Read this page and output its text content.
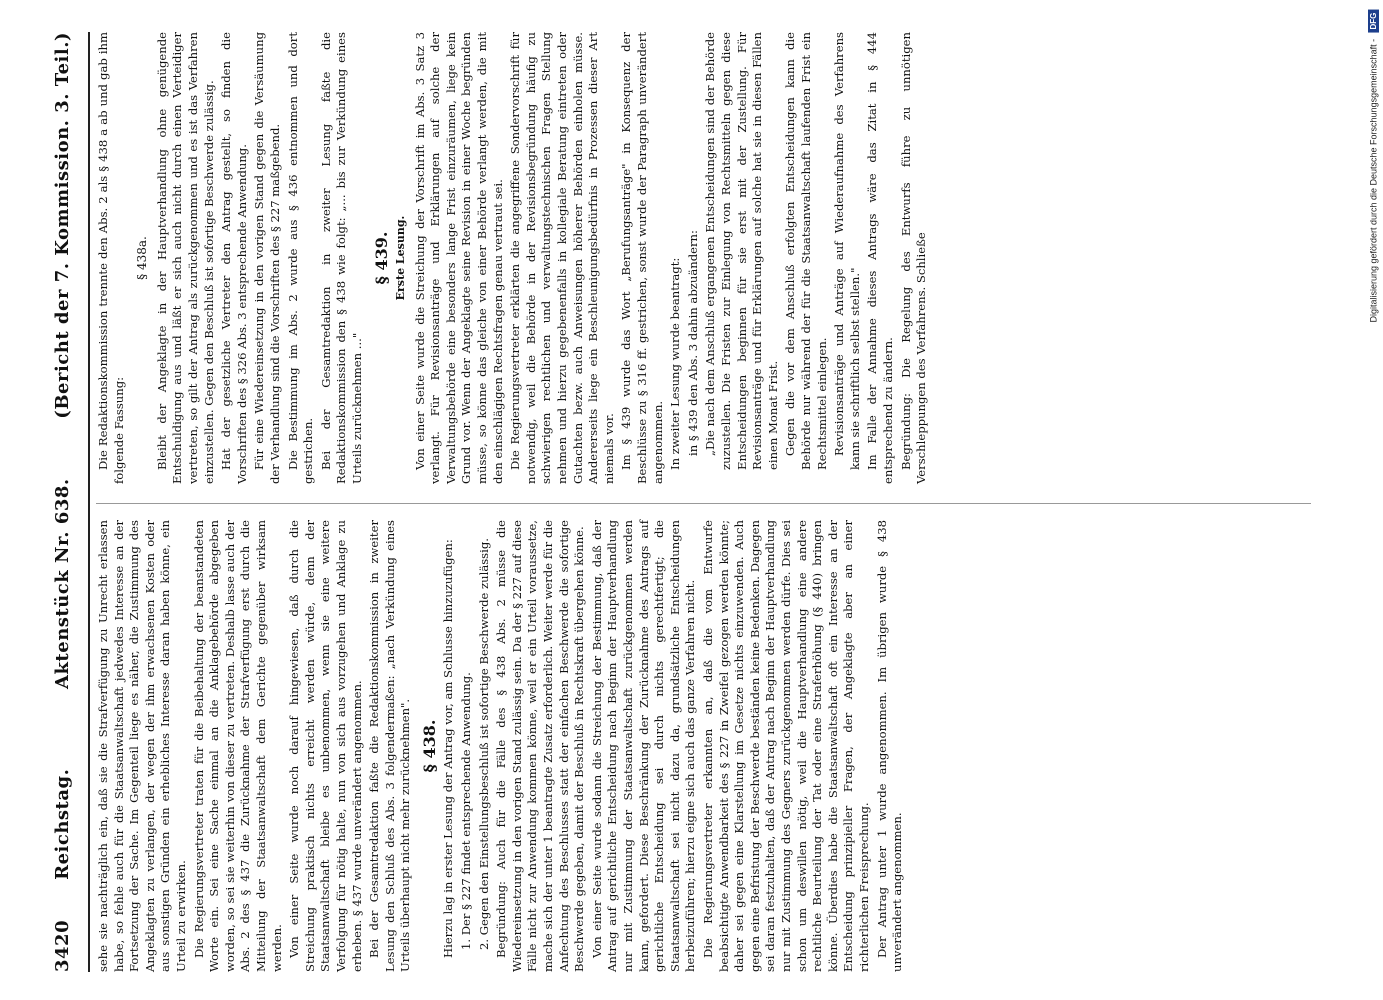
3420
Reichstag.
Aktenstück Nr. 638.
(Bericht der 7. Kommission. 3. Teil.)

sehe sie nachträglich ein, daß sie die Strafverfügung zu Unrecht erlassen habe, so fehle auch für die Staatsanwaltschaft jedwedes Interesse an der Fortsetzung der Sache. Im Gegenteil liege es näher, die Zustimmung des Angeklagten zu verlangen, der wegen der ihm erwachsenen Kosten oder aus sonstigen Gründen ein erhebliches Interesse daran haben könne, ein Urteil zu erwirken. Die Regierungsvertreter traten für die Beibehaltung der beanstandeten Worte ein. Sei eine Sache einmal an die Anklagebehörde abgegeben worden, so sei sie weiterhin von dieser zu vertreten. Deshalb lasse auch der Abs. 2 des § 437 die Zurücknahme der Strafverfügung erst durch die Mitteilung der Staatsanwaltschaft dem Gerichte gegenüber wirksam werden. Von einer Seite wurde noch darauf hingewiesen, daß durch die Streichung praktisch nichts erreicht werden würde, denn der Staatsanwaltschaft bleibe es unbenommen, wenn sie eine weitere Verfolgung für nötig halte, nun von sich aus vorzugehen und Anklage zu erheben. § 437 wurde unverändert angenommen. Bei der Gesamtredaktion faßte die Redaktionskommission in zweiter Lesung den Schluß des Abs. 3 folgendermaßen: „nach Verkündung eines Urteils überhaupt nicht mehr zurücknehmen". § 438. Hierzu lag in erster Lesung der Antrag vor, am Schlusse hinzuzufügen: 1. Der § 227 findet entsprechende Anwendung. 2. Gegen den Einstellungsbeschluß ist sofortige Beschwerde zulässig. Begründung: Auch für die Fälle des § 438 Abs. 2 müsse die Wiedereinsetzung in den vorigen Stand zulässig sein. Da der § 227 auf diese Fälle nicht zur Anwendung kommen könne, weil er ein Urteil voraussetze, mache sich der unter 1 beantragte Zusatz erforderlich. Weiter werde für die Anfechtung des Beschlusses statt der einfachen Beschwerde die sofortige Beschwerde gegeben, damit der Beschluß in Rechtskraft übergehen könne. Von einer Seite wurde sodann die Streichung der Bestimmung, daß der Antrag auf gerichtliche Entscheidung nach Beginn der Hauptverhandlung nur mit Zustimmung der Staatsanwaltschaft zurückgenommen werden kann, gefordert. Diese Beschränkung der Zurücknahme des Antrags auf gerichtliche Entscheidung sei durch nichts gerechtfertigt; die Staatsanwaltschaft sei nicht dazu da, grundsätzliche Entscheidungen herbeizuführen; hierzu eigne sich auch das ganze Verfahren nicht. Die Regierungsvertreter erkannten an, daß die vom Entwurfe beabsichtigte Anwendbarkeit des § 227 in Zweifel gezogen werden könnte; daher sei gegen eine Klarstellung im Gesetze nichts einzuwenden. Auch gegen eine Befristung der Beschwerde beständen keine Bedenken. Dagegen sei daran festzuhalten, daß der Antrag nach Beginn der Hauptverhandlung nur mit Zustimmung des Gegners zurückgenommen werden dürfe. Dies sei schon um deswillen nötig, weil die Hauptverhandlung eine andere rechtliche Beurteilung der Tat oder eine Straferhöhung (§ 440) bringen könne. Überdies habe die Staatsanwaltschaft oft ein Interesse an der Entscheidung prinzipieller Fragen, der Angeklagte aber an einer richterlichen Freisprechung. Der Antrag unter 1 wurde angenommen. Im übrigen wurde § 438 unverändert angenommen.

Die Redaktionskommission trennte den Abs. 2 als § 438 a ab und gab ihm folgende Fassung:

§ 438a. Bleibt der Angeklagte in der Hauptverhandlung ohne genügende Entschuldigung aus und läßt er sich auch nicht durch einen Verteidiger vertreten, so gilt der Antrag als zurückgenommen und es ist das Verfahren einzustellen. Gegen den Beschluß ist sofortige Beschwerde zulässig. Hat der gesetzliche Vertreter den Antrag gestellt, so finden die Vorschriften des § 326 Abs. 3 entsprechende Anwendung. Für eine Wiedereinsetzung in den vorigen Stand gegen die Versäumung der Verhandlung sind die Vorschriften des § 227 maßgebend. Die Bestimmung im Abs. 2 wurde aus § 436 entnommen und dort gestrichen. Bei der Gesamtredaktion in zweiter Lesung faßte die Redaktionskommission den § 438 wie folgt: „... bis zur Verkündung eines Urteils zurücknehmen ..."

§ 439. Erste Lesung. Von einer Seite wurde die Streichung der Vorschrift im Abs. 3 Satz 3 verlangt. Für Revisionsanträge und Erklärungen auf solche der Verwaltungsbehörde eine besonders lange Frist einzuräumen, liege kein Grund vor. Wenn der Angeklagte seine Revision in einer Woche begründen müsse, so könne das gleiche von einer Behörde verlangt werden, die mit den einschlägigen Rechtsfragen genau vertraut sei. Die Regierungsvertreter erklärten die angegriffene Sondervorschrift für notwendig, weil die Behörde in der Revisionsbegründung häufig zu schwierigen rechtlichen und verwaltungstechnischen Fragen Stellung nehmen und hierzu gegebenenfalls in kollegiale Beratung eintreten oder Gutachten bezw. auch Anweisungen höherer Behörden einholen müsse. Andererseits liege ein Beschleunigungsbedürfnis in Prozessen dieser Art niemals vor. Im § 439 wurde das Wort „Berufungsanträge" in Konsequenz der Beschlüsse zu § 316 ff. gestrichen, sonst wurde der Paragraph unverändert angenommen. In zweiter Lesung wurde beantragt: in § 439 den Abs. 3 dahin abzuändern: „Die nach dem Anschluß ergangenen Entscheidungen sind der Behörde zuzustellen. Die Fristen zur Einlegung von Rechtsmitteln gegen diese Entscheidungen beginnen für sie erst mit der Zustellung. Für Revisionsanträge und für Erklärungen auf solche hat sie in diesen Fällen einen Monat Frist. Gegen die vor dem Anschluß erfolgten Entscheidungen kann die Behörde nur während der für die Staatsanwaltschaft laufenden Frist ein Rechtsmittel einlegen. Revisionsanträge und Anträge auf Wiederaufnahme des Verfahrens kann sie schriftlich selbst stellen." Im Falle der Annahme dieses Antrags wäre das Zitat in § 444 entsprechend zu ändern. Begründung: Die Regelung des Entwurfs führe zu unnötigen Verschleppungen des Verfahrens. Schließe

Digitalisierung gefördert durch die Deutsche Forschungsgemeinschaft -
DFG
